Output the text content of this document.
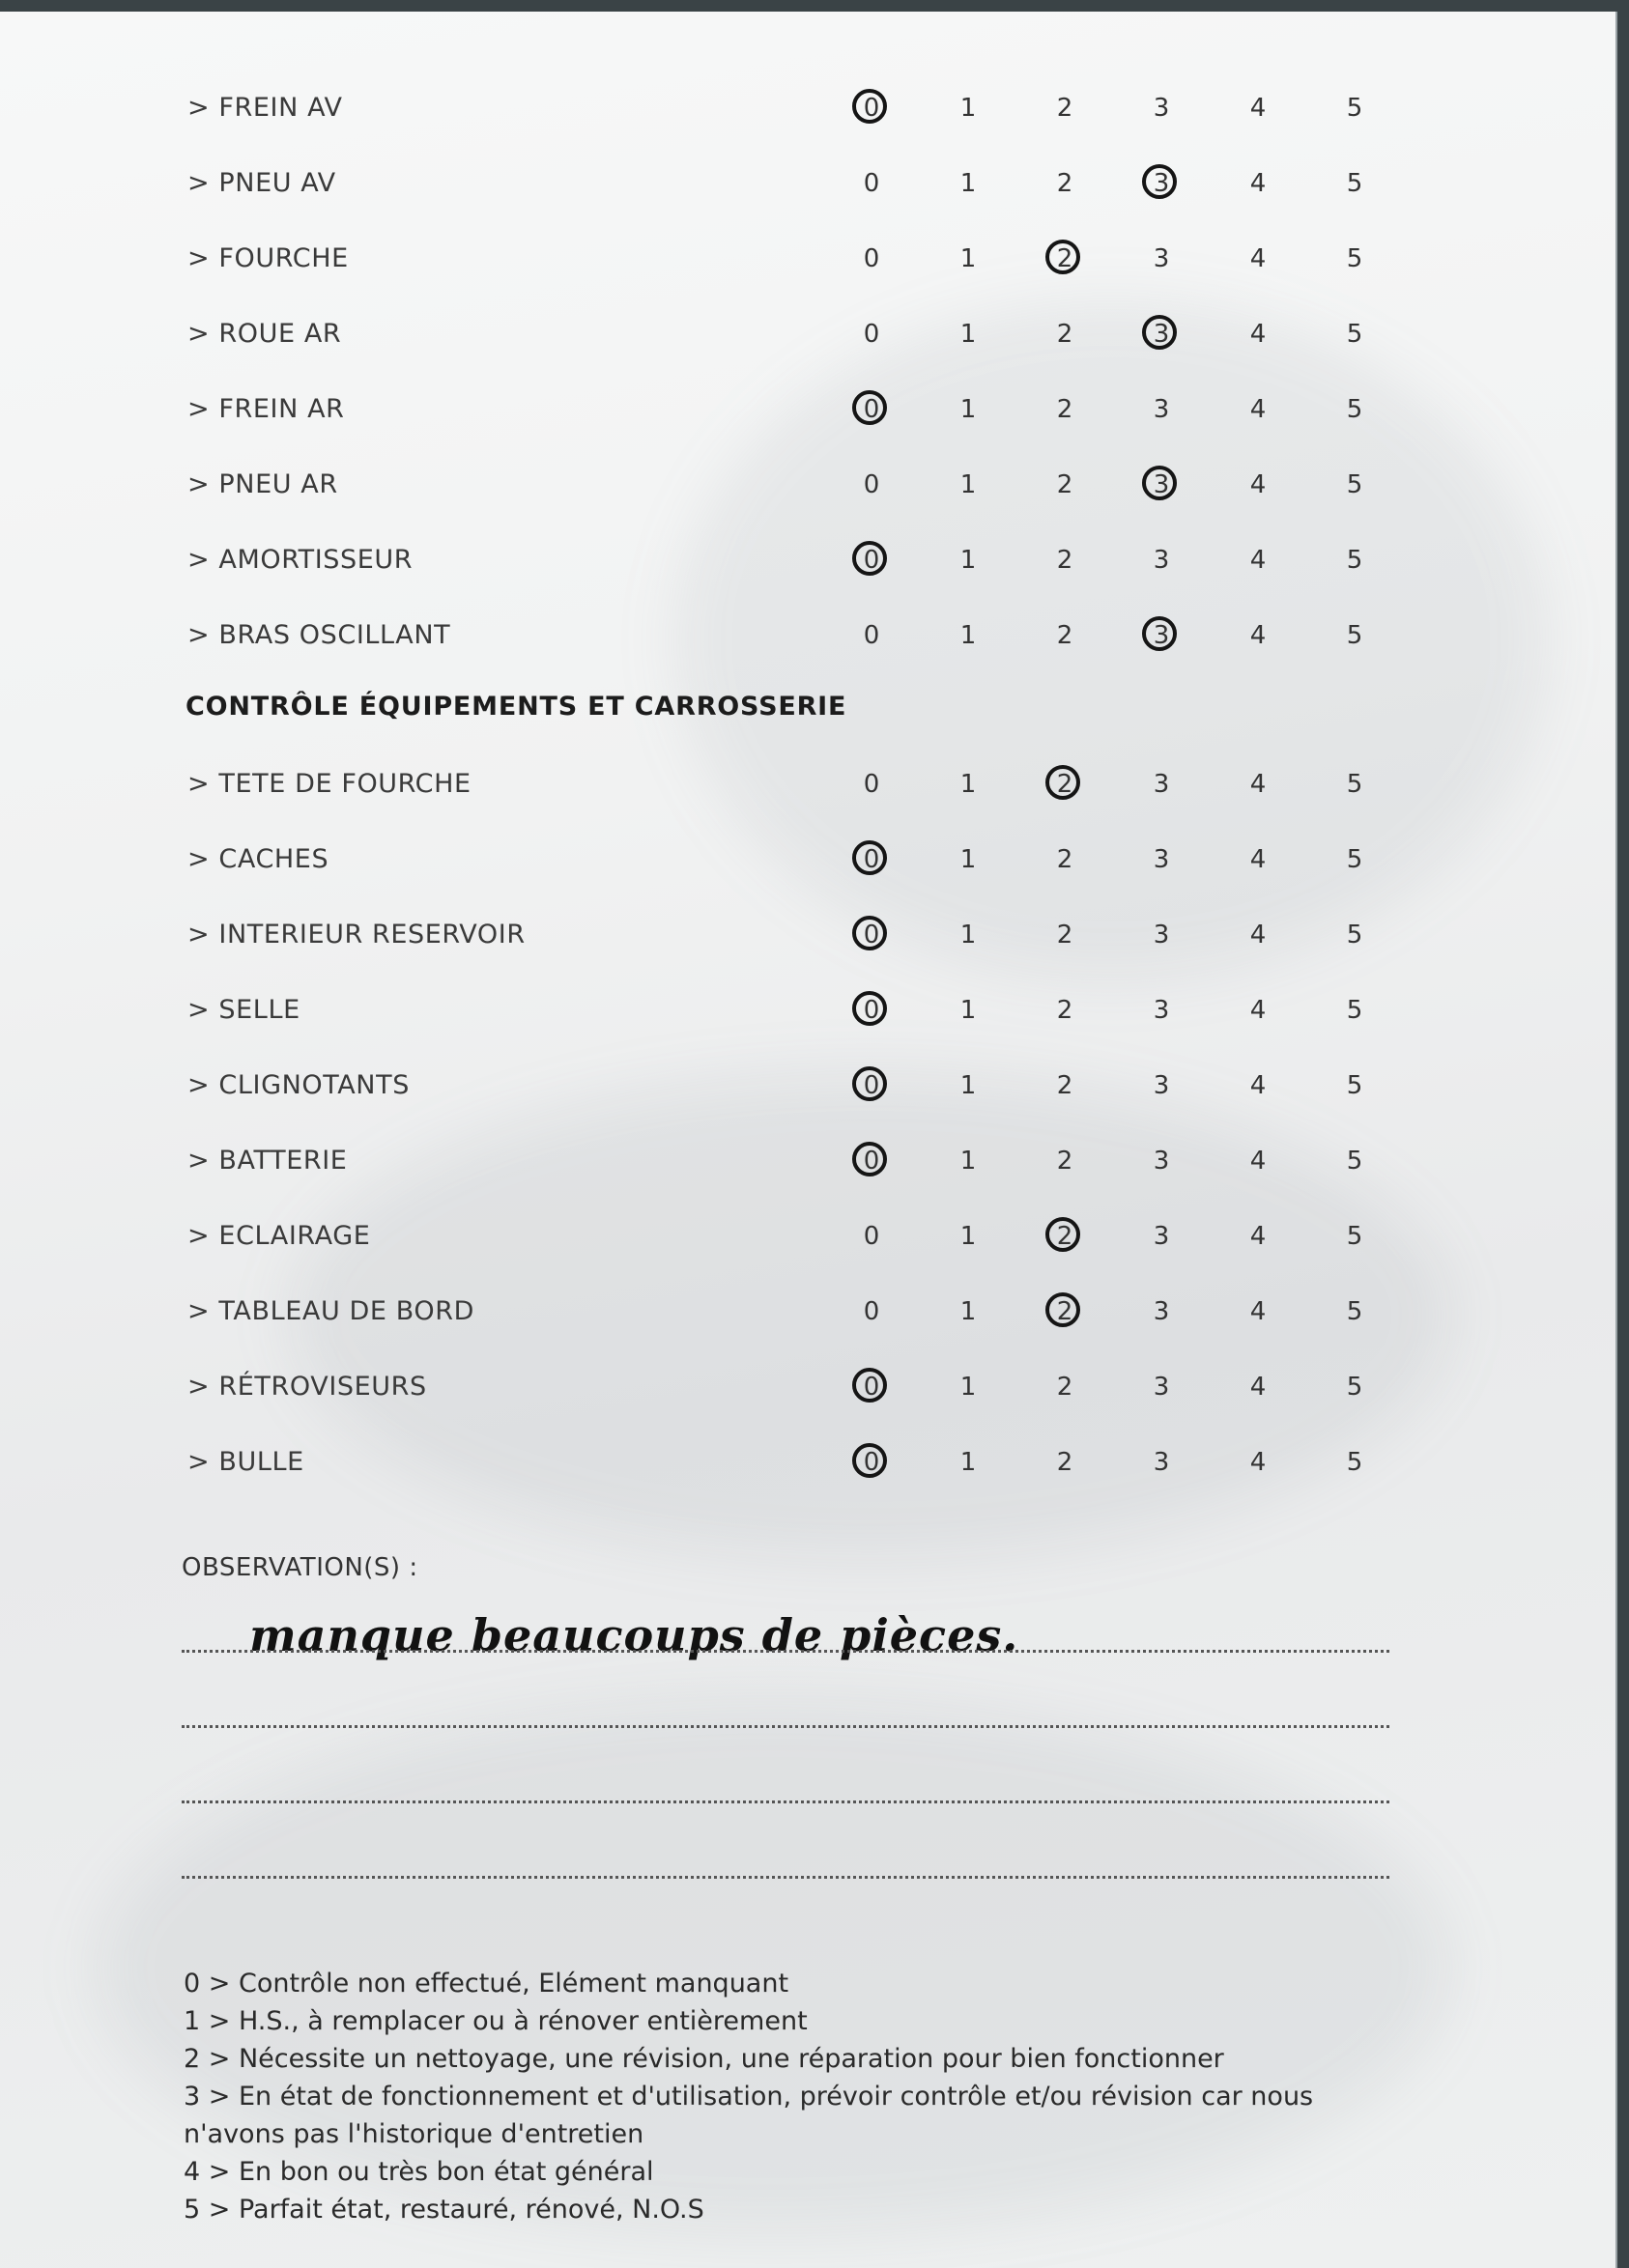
> FREIN AV	0	1	2	3	4	5
> PNEU AV	0	1	2	3	4	5
> FOURCHE	0	1	2	3	4	5
> ROUE AR	0	1	2	3	4	5
> FREIN AR	0	1	2	3	4	5
> PNEU AR	0	1	2	3	4	5
> AMORTISSEUR	0	1	2	3	4	5
> BRAS OSCILLANT	0	1	2	3	4	5
> TETE DE FOURCHE	0	1	2	3	4	5
> CACHES	0	1	2	3	4	5
> INTERIEUR RESERVOIR	0	1	2	3	4	5
> SELLE	0	1	2	3	4	5
> CLIGNOTANTS	0	1	2	3	4	5
> BATTERIE	0	1	2	3	4	5
> ECLAIRAGE	0	1	2	3	4	5
> TABLEAU DE BORD	0	1	2	3	4	5
> RÉTROVISEURS	0	1	2	3	4	5
> BULLE	0	1	2	3	4	5
CONTRÔLE ÉQUIPEMENTS ET CARROSSERIE
OBSERVATION(S) :
manque beaucoups de pièces.
0 > Contrôle non effectué, Elément manquant
1 > H.S., à remplacer ou à rénover entièrement
2 > Nécessite un nettoyage, une révision, une réparation pour bien fonctionner
3 > En état de fonctionnement et d'utilisation, prévoir contrôle et/ou révision car nous n'avons pas l'historique d'entretien
4 > En bon ou très bon état général
5 > Parfait état, restauré, rénové, N.O.S
